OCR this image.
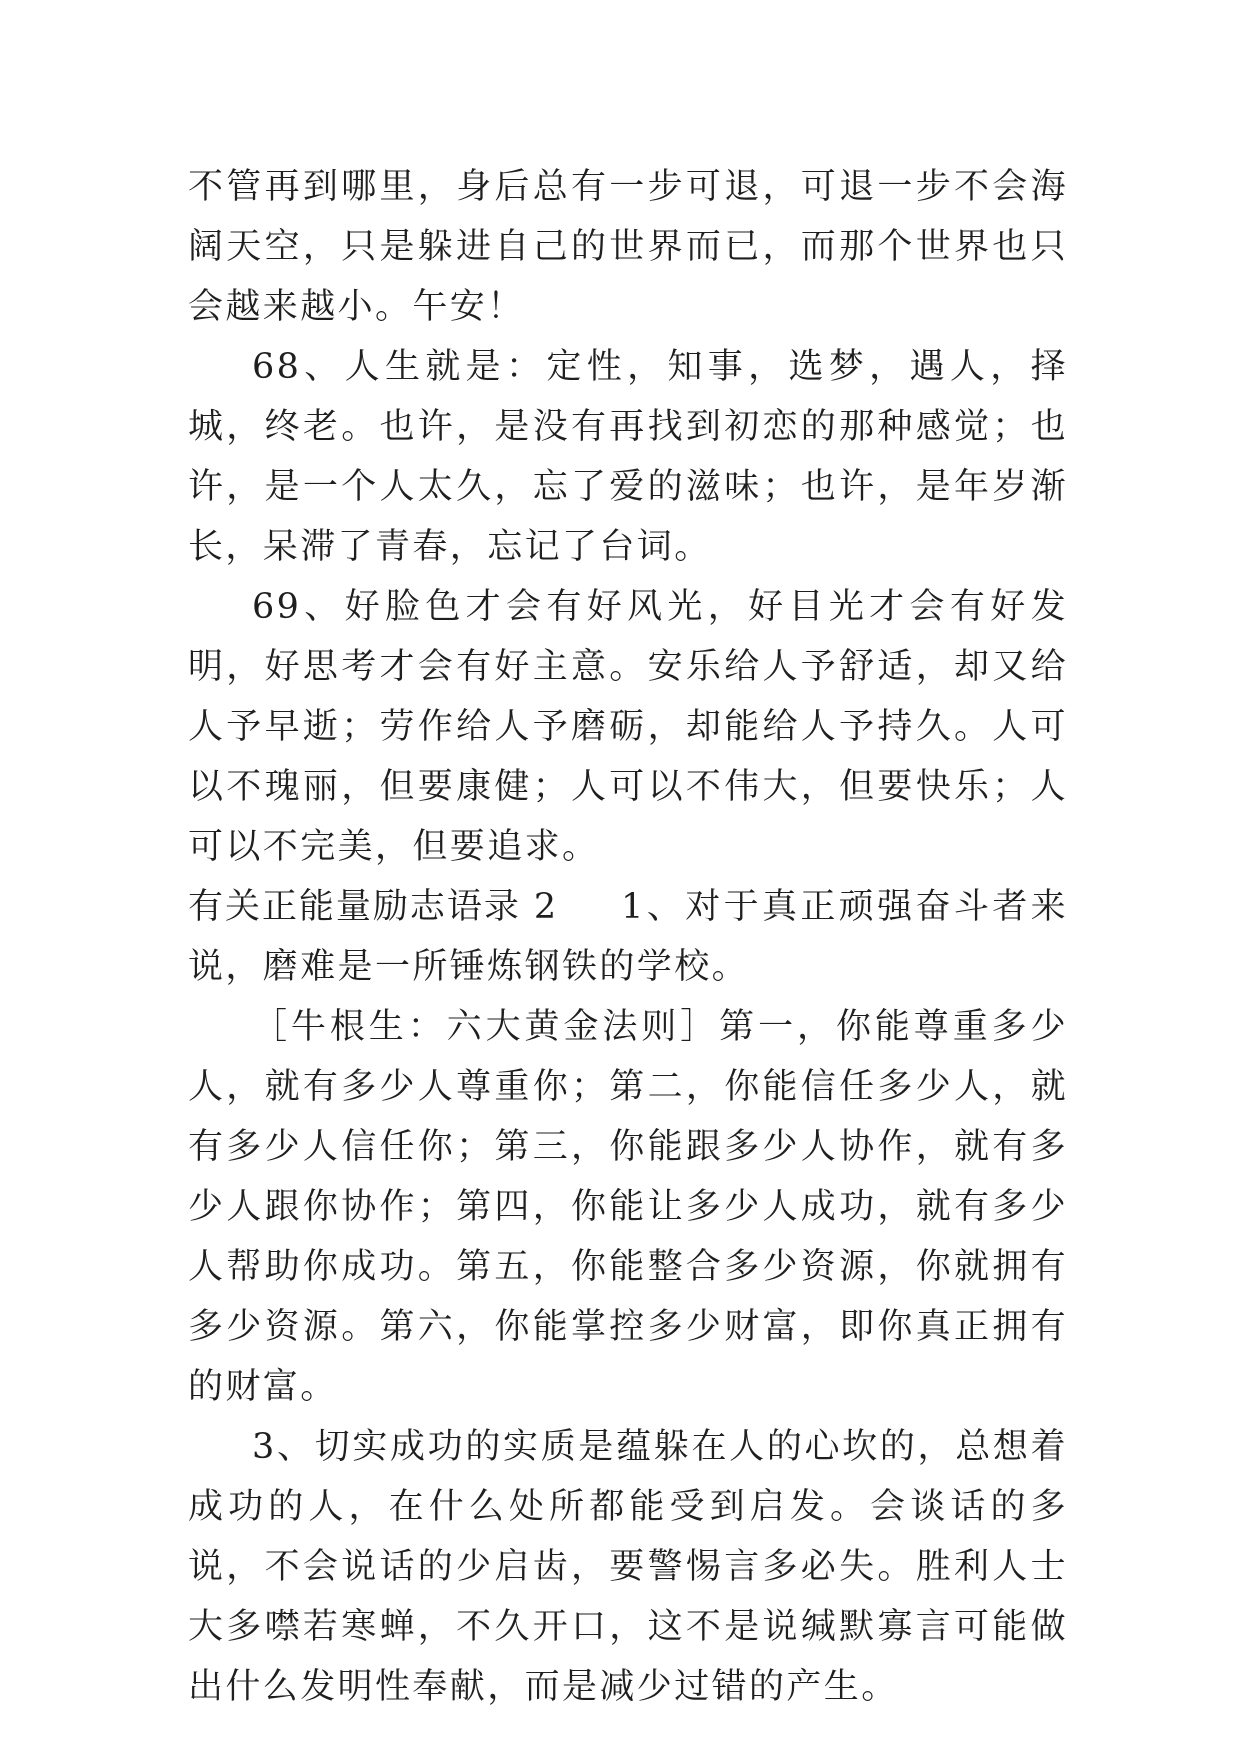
不管再到哪里，身后总有一步可退，可退一步不会海阔天空，只是躲进自己的世界而已，而那个世界也只会越来越小。午安！

68、人生就是：定性，知事，选梦，遇人，择城，终老。也许，是没有再找到初恋的那种感觉；也许，是一个人太久，忘了爱的滋味；也许，是年岁渐长，呆滞了青春，忘记了台词。

69、好脸色才会有好风光，好目光才会有好发明，好思考才会有好主意。安乐给人予舒适，却又给人予早逝；劳作给人予磨砺，却能给人予持久。人可以不瑰丽，但要康健；人可以不伟大，但要快乐；人可以不完美，但要追求。

有关正能量励志语录 2 1、对于真正顽强奋斗者来说，磨难是一所锤炼钢铁的学校。

［牛根生：六大黄金法则］第一，你能尊重多少人，就有多少人尊重你；第二，你能信任多少人，就有多少人信任你；第三，你能跟多少人协作，就有多少人跟你协作；第四，你能让多少人成功，就有多少人帮助你成功。第五，你能整合多少资源，你就拥有多少资源。第六，你能掌控多少财富，即你真正拥有的财富。

3、切实成功的实质是蕴躲在人的心坎的，总想着成功的人，在什么处所都能受到启发。会谈话的多说，不会说话的少启齿，要警惕言多必失。胜利人士大多噤若寒蝉，不久开口，这不是说缄默寡言可能做出什么发明性奉献，而是减少过错的产生。
